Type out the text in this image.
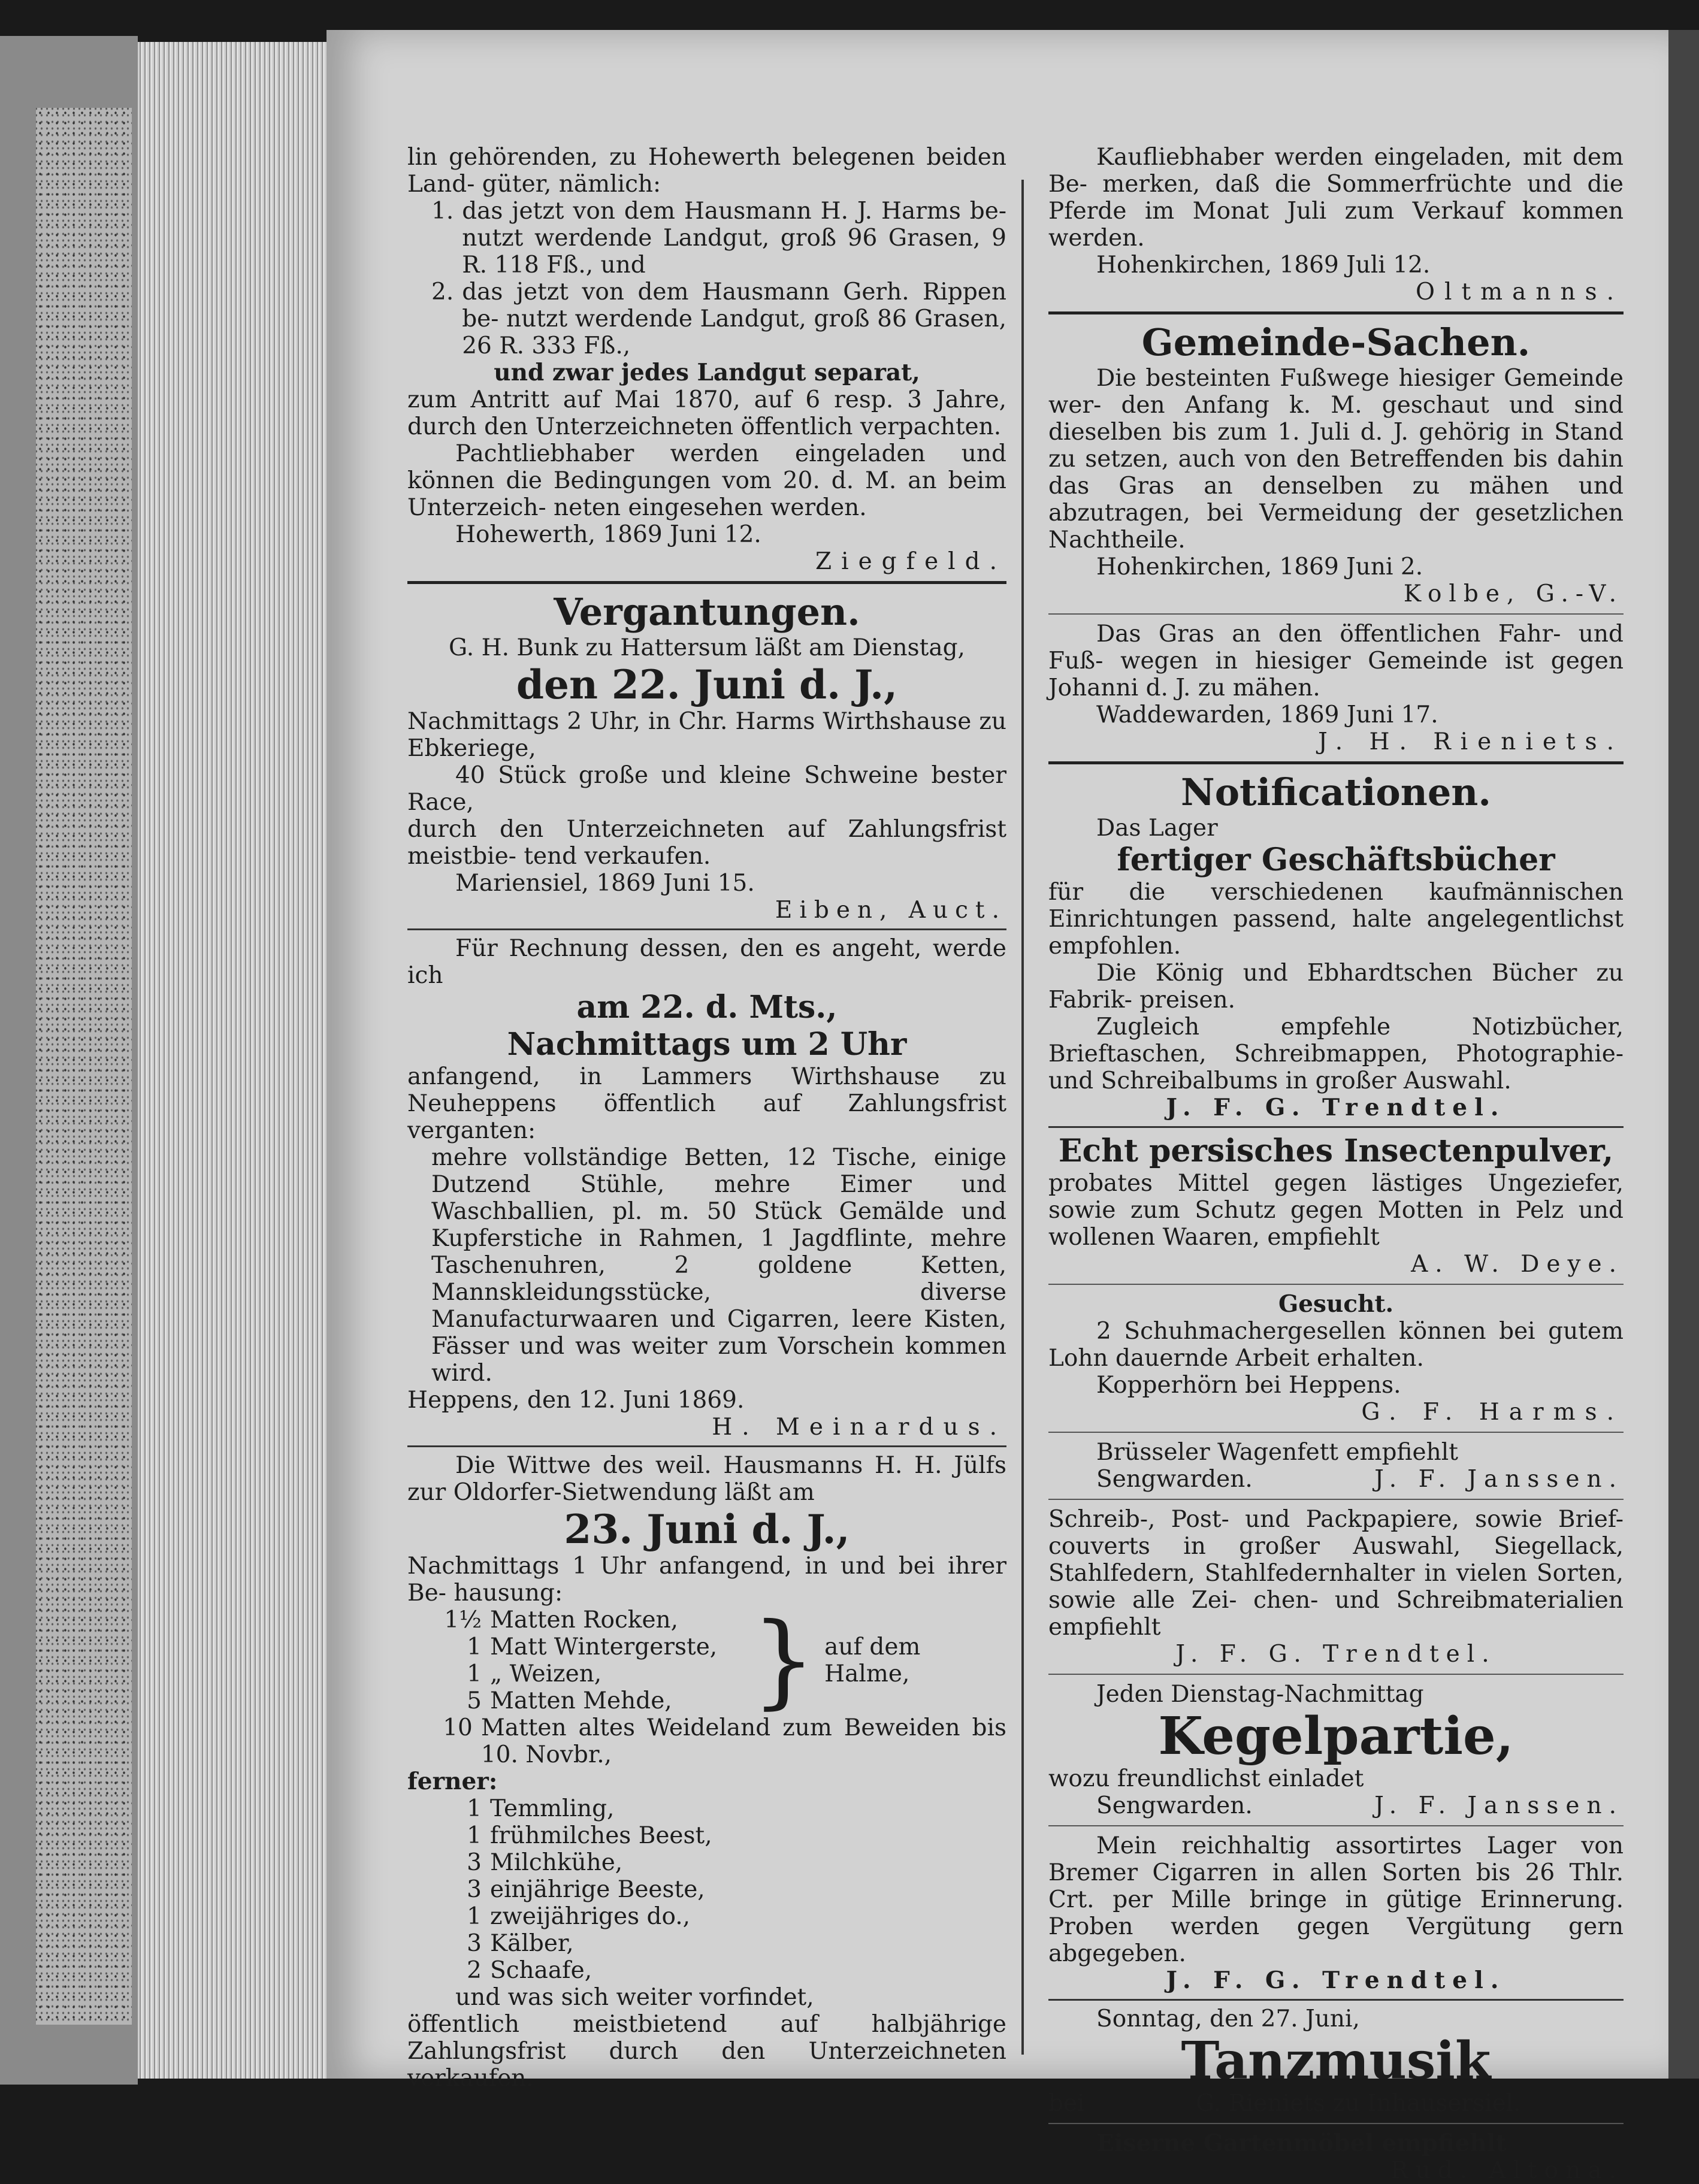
lin gehörenden, zu Hohewerth belegenen beiden Land- güter, nämlich:

1. das jetzt von dem Hausmann H. J. Harms be- nutzt werdende Landgut, groß 96 Grasen, 9 R. 118 Fß., und

2. das jetzt von dem Hausmann Gerh. Rippen be- nutzt werdende Landgut, groß 86 Grasen, 26 R. 333 Fß.,

und zwar jedes Landgut separat,

zum Antritt auf Mai 1870, auf 6 resp. 3 Jahre, durch den Unterzeichneten öffentlich verpachten.

Pachtliebhaber werden eingeladen und können die Bedingungen vom 20. d. M. an beim Unterzeich- neten eingesehen werden.

Hohewerth, 1869 Juni 12.

Ziegfeld.

Vergantungen.

G. H. Bunk zu Hattersum läßt am Dienstag,

den 22. Juni d. J.,

Nachmittags 2 Uhr, in Chr. Harms Wirthshause zu Ebkeriege,

40 Stück große und kleine Schweine bester Race,

durch den Unterzeichneten auf Zahlungsfrist meistbie- tend verkaufen.

Mariensiel, 1869 Juni 15.

Eiben, Auct.

Für Rechnung dessen, den es angeht, werde ich

am 22. d. Mts.,
Nachmittags um 2 Uhr

anfangend, in Lammers Wirthshause zu Neuheppens öffentlich auf Zahlungsfrist verganten:

mehre vollständige Betten, 12 Tische, einige Dutzend Stühle, mehre Eimer und Waschballien, pl. m. 50 Stück Gemälde und Kupferstiche in Rahmen, 1 Jagdflinte, mehre Taschenuhren, 2 goldene Ketten, Mannskleidungsstücke, diverse Manufacturwaaren und Cigarren, leere Kisten, Fässer und was weiter zum Vorschein kommen wird.

Heppens, den 12. Juni 1869.

H. Meinardus.

Die Wittwe des weil. Hausmanns H. H. Jülfs zur Oldorfer-Sietwendung läßt am

23. Juni d. J.,

Nachmittags 1 Uhr anfangend, in und bei ihrer Be- hausung:

1½ Matten Rocken,
1 Matt Wintergerste,
1 „ Weizen,
5 Matten Mehde, } auf dem Halme,
10 Matten altes Weideland zum Beweiden bis 10. Novbr.,

ferner:

1 Temmling,
1 frühmilches Beest,
3 Milchkühe,
3 einjährige Beeste,
1 zweijähriges do.,
3 Kälber,
2 Schaafe,

und was sich weiter vorfindet,

öffentlich meistbietend auf halbjährige Zahlungsfrist durch den Unterzeichneten verkaufen.

Kaufliebhaber werden eingeladen, mit dem Be- merken, daß die Sommerfrüchte und die Pferde im Monat Juli zum Verkauf kommen werden.

Hohenkirchen, 1869 Juli 12.

Oltmanns.

Gemeinde-Sachen.

Die besteinten Fußwege hiesiger Gemeinde wer- den Anfang k. M. geschaut und sind dieselben bis zum 1. Juli d. J. gehörig in Stand zu setzen, auch von den Betreffenden bis dahin das Gras an denselben zu mähen und abzutragen, bei Vermeidung der gesetzlichen Nachtheile.

Hohenkirchen, 1869 Juni 2.

Kolbe, G.-V.

Das Gras an den öffentlichen Fahr- und Fuß- wegen in hiesiger Gemeinde ist gegen Johanni d. J. zu mähen.

Waddewarden, 1869 Juni 17.

J. H. Rieniets.

Notificationen.

Das Lager

fertiger Geschäftsbücher

für die verschiedenen kaufmännischen Einrichtungen passend, halte angelegentlichst empfohlen.

Die König und Ebhardtschen Bücher zu Fabrik- preisen.

Zugleich empfehle Notizbücher, Brieftaschen, Schreibmappen, Photographie- und Schreibalbums in großer Auswahl.

J. F. G. Trendtel.

Echt persisches Insectenpulver,

probates Mittel gegen lästiges Ungeziefer, sowie zum Schutz gegen Motten in Pelz und wollenen Waaren, empfiehlt

A. W. Deye.

Gesucht.

2 Schuhmachergesellen können bei gutem Lohn dauernde Arbeit erhalten.

Kopperhörn bei Heppens.

G. F. Harms.

Brüsseler Wagenfett empfiehlt

Sengwarden.	J. F. Janssen.

Schreib-, Post- und Packpapiere, sowie Brief- couverts in großer Auswahl, Siegellack, Stahlfedern, Stahlfedernhalter in vielen Sorten, sowie alle Zei- chen- und Schreibmaterialien empfiehlt

J. F. G. Trendtel.

Jeden Dienstag-Nachmittag

Kegelpartie,

wozu freundlichst einladet

Sengwarden.	J. F. Janssen.

Mein reichhaltig assortirtes Lager von Bremer Cigarren in allen Sorten bis 26 Thlr. Crt. per Mille bringe in gütige Erinnerung. Proben werden gegen Vergütung gern abgegeben.

J. F. G. Trendtel.

Sonntag, den 27. Juni,

Tanzmusik
bei	G. Rieniets zu Inhausersiel.

Eiserne Gartenmöbel empfiehlt

Rud. Altona.
